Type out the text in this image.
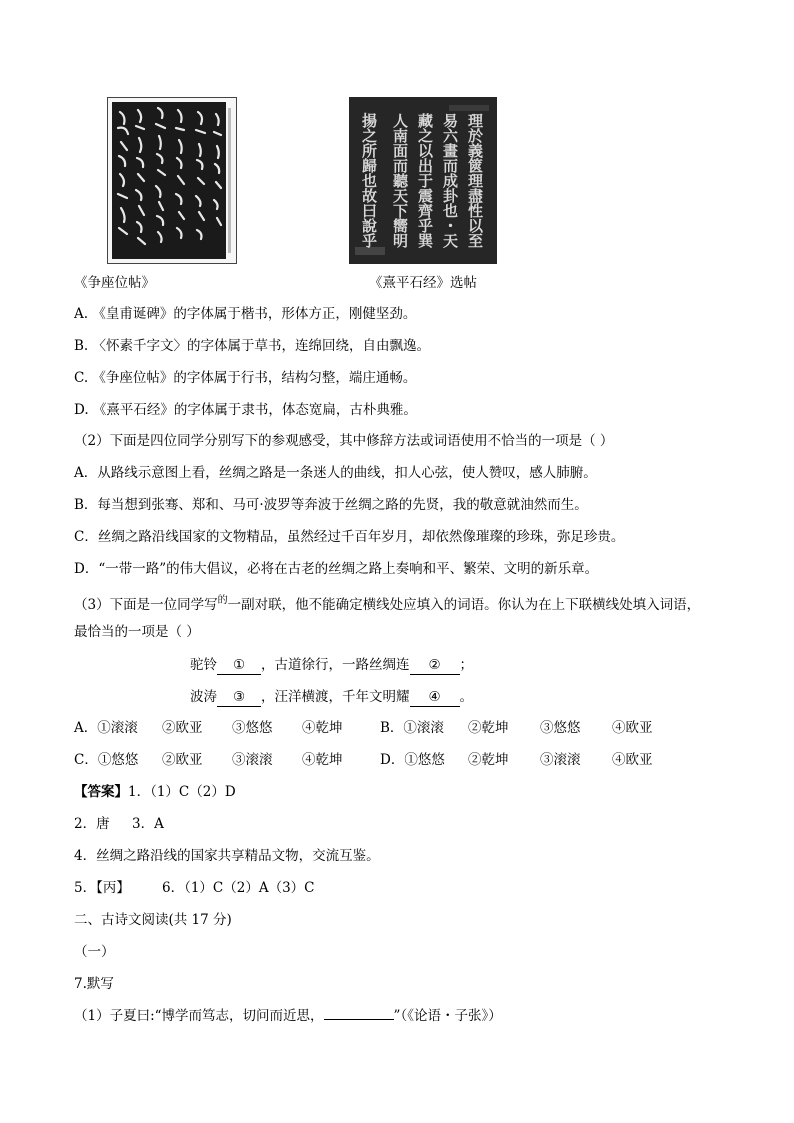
理於義篋理盡性以至
易六畫而成卦也・天
藏之以出于震齊乎巽
人南面而聽天下嚮明
揚之所歸也故曰說乎
《争座位帖》	《熹平石经》选帖
A. 《皇甫诞碑》的字体属于楷书，形体方正，刚健坚劲。
B. 〈怀素千字文〉的字体属于草书，连绵回绕，自由飘逸。
C. 《争座位帖》的字体属于行书，结构匀整，端庄通畅。
D. 《熹平石经》的字体属于隶书，体态宽扁，古朴典雅。
（2）下面是四位同学分别写下的参观感受，其中修辞方法或词语使用不恰当的一项是（ ）
A．从路线示意图上看，丝绸之路是一条迷人的曲线，扣人心弦，使人赞叹，感人肺腑。
B．每当想到张骞、郑和、马可·波罗等奔波于丝绸之路的先贤，我的敬意就油然而生。
C．丝绸之路沿线国家的文物精品，虽然经过千百年岁月，却依然像璀璨的珍珠，弥足珍贵。
D．“一带一路”的伟大倡议，必将在古老的丝绸之路上奏响和平、繁荣、文明的新乐章。
（3）下面是一位同学写$^的$一副对联，他不能确定横线处应填入的词语。你认为在上下联横线处填入词语，
最恰当的一项是（ ）
驼铃 ① ，古道徐行，一路丝绸连 ② ；
波涛 ③ ，汪洋横渡，千年文明耀 ④ 。
A．①滚滚 ②欧亚 ③悠悠 ④乾坤	B．①滚滚 ②乾坤 ③悠悠 ④欧亚
C．①悠悠 ②欧亚 ③滚滚 ④乾坤	D．①悠悠 ②乾坤 ③滚滚 ④欧亚
【答案】1．（1）C（2）D
2．唐 3．A
4．丝绸之路沿线的国家共享精品文物，交流互鉴。
5．【丙】 6．（1）C（2）A（3）C
二、古诗文阅读(共 17 分)
（一）
7.默写
（1）子夏曰:“博学而笃志，切问而近思，	”（《论语・子张》）
